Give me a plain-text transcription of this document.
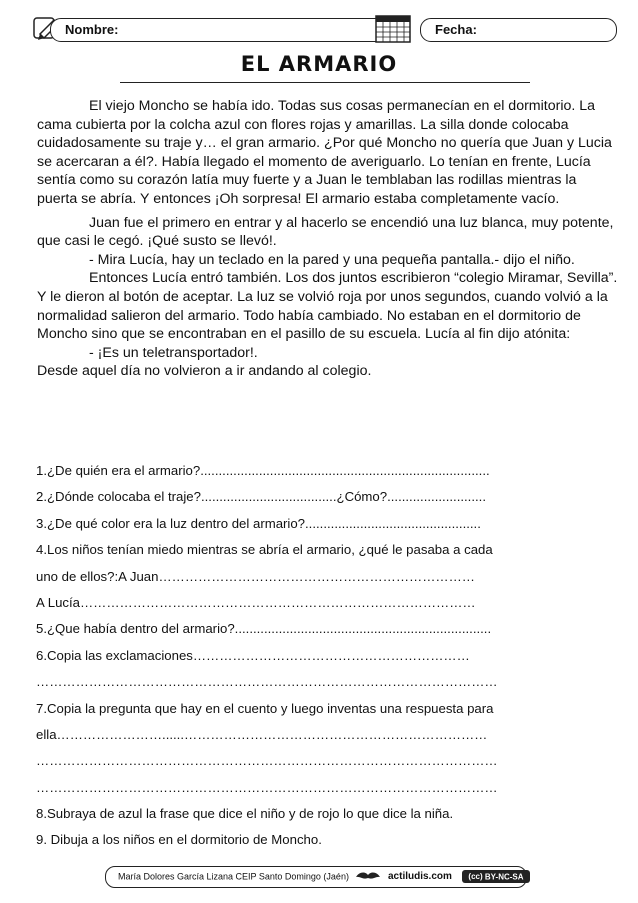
Nombre:	Fecha:
EL ARMARIO

El viejo Moncho se había ido. Todas sus cosas permanecían en el dormitorio. La cama cubierta por la colcha azul con flores rojas y amarillas. La silla donde colocaba cuidadosamente su traje y… el gran armario. ¿Por qué Moncho no quería que Juan y Lucia se acercaran a él?. Había llegado el momento de averiguarlo. Lo tenían en frente, Lucía sentía como su corazón latía muy fuerte y a Juan le temblaban las rodillas mientras la puerta se abría. Y entonces ¡Oh sorpresa! El armario estaba completamente vacío.

Juan fue el primero en entrar y al hacerlo se encendió una luz blanca, muy potente, que casi le cegó. ¡Qué susto se llevó!.

- Mira Lucía, hay un teclado en la pared y una pequeña pantalla.- dijo el niño.

Entonces Lucía entró también. Los dos juntos escribieron “colegio Miramar, Sevilla”. Y le dieron al botón de aceptar. La luz se volvió roja por unos segundos, cuando volvió a la normalidad salieron del armario. Todo había cambiado. No estaban en el dormitorio de Moncho sino que se encontraban en el pasillo de su escuela. Lucía al fin dijo atónita:

- ¡Es un teletransportador!.

Desde aquel día no volvieron a ir andando al colegio.

1.¿De quién era el armario?...............................................................................
2.¿Dónde colocaba el traje?.....................................¿Cómo?...........................
3.¿De qué color era la luz dentro del armario?................................................
4.Los niños tenían miedo mientras se abría el armario, ¿qué le pasaba a cada
uno de ellos?:A Juan………………………………………………………………
A Lucía………………………………………………………………………………
5.¿Que había dentro del armario?......................................................................
6.Copia las exclamaciones………………………………………………………
……………………………………………………………………………………………
7.Copia la pregunta que hay en el cuento y luego inventas una respuesta para
ella……………………......……………………………………………………………
……………………………………………………………………………………………
……………………………………………………………………………………………
8.Subraya de azul la frase que dice el niño y de rojo lo que dice la niña.
9. Dibuja a los niños en el dormitorio de Moncho.
María Dolores García Lizana CEIP Santo Domingo (Jaén)	actiludis.com (cc) BY-NC-SA
